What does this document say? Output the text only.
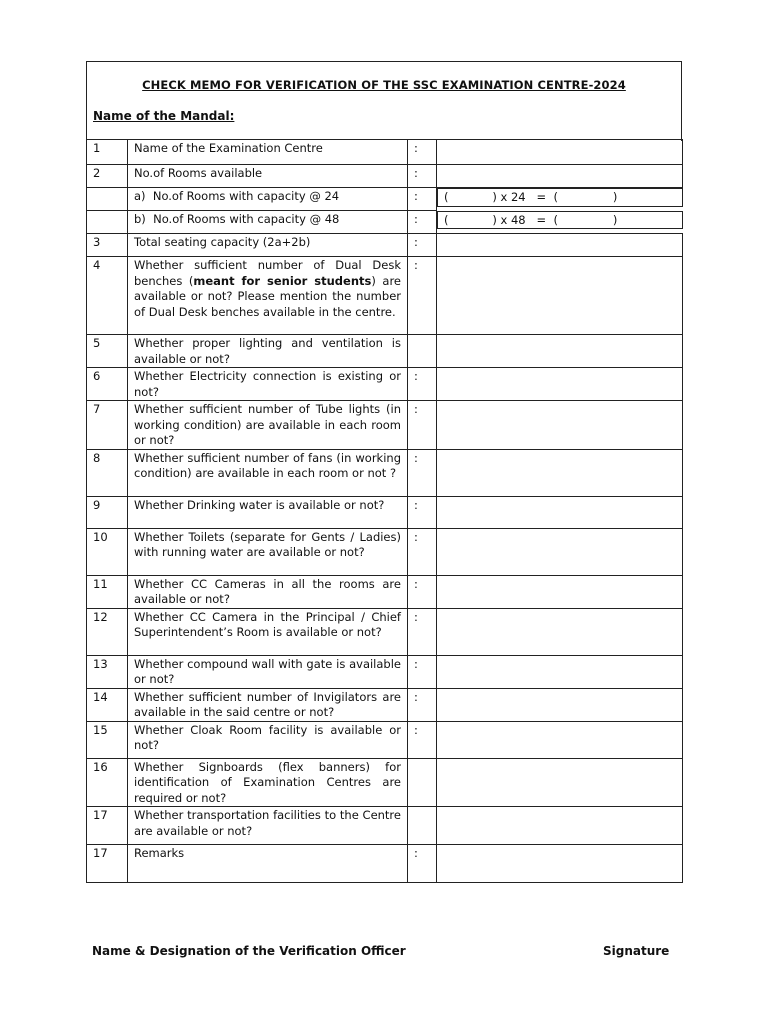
CHECK MEMO FOR VERIFICATION OF THE SSC EXAMINATION CENTRE-2024
Name of the Mandal:
1	Name of the Examination Centre	:	
2	No.of Rooms available	:	
	a)  No.of Rooms with capacity @ 24	:		(            ) x 24   =  (               )

	b)  No.of Rooms with capacity @ 48	:		(            ) x 48   =  (               )

3	Total seating capacity (2a+2b)	:	
4	Whether sufficient number of Dual Desk benches (meant for senior students) are available or not? Please mention the number of Dual Desk benches available in the centre.	:	
5	Whether proper lighting and ventilation is available or not?		
6	Whether Electricity connection is existing or not?	:	
7	Whether sufficient number of Tube lights (in working condition) are available in each room or not?	:	
8	Whether sufficient number of fans (in working condition) are available in each room or not ?	:	
9	Whether Drinking water is available or not?	:	
10	Whether Toilets (separate for Gents / Ladies) with running water are available or not?	:	
11	Whether CC Cameras in all the rooms are available or not?	:	
12	Whether CC Camera in the Principal / Chief Superintendent’s Room is available or not?	:	
13	Whether compound wall with gate is available or not?	:	
14	Whether sufficient number of Invigilators are available in the said centre or not?	:	
15	Whether Cloak Room facility is available or not?	:	
16	Whether Signboards (flex banners) for identification of Examination Centres are required or not?		
17	Whether transportation facilities to the Centre are available or not?		
17	Remarks	:	
Name & Designation of the Verification Officer	Signature
